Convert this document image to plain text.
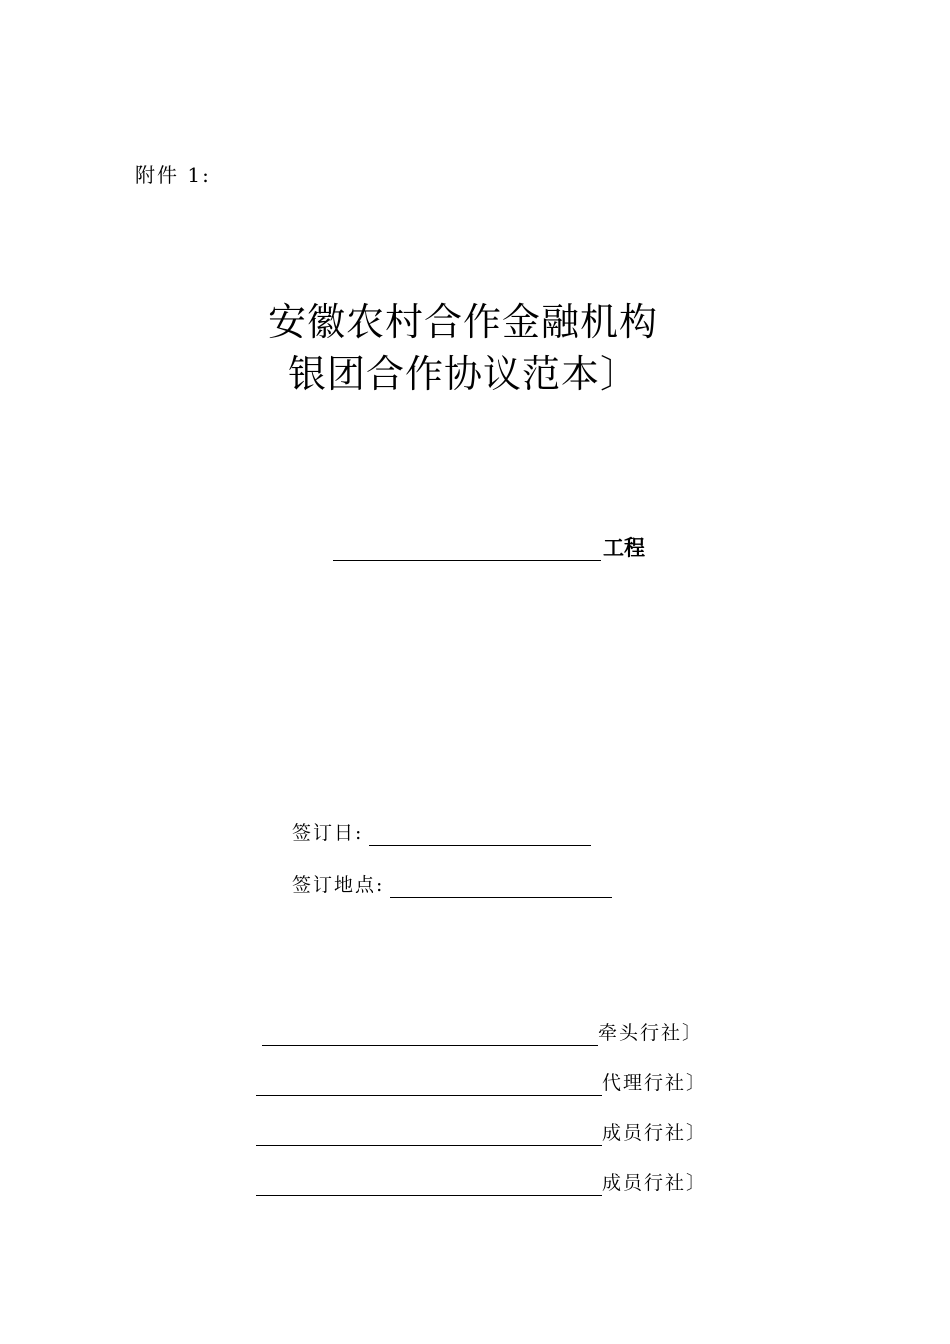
附件 1:
安徽农村合作金融机构
银团合作协议范本〕
工程
签订日:
签订地点:
牵头行社〕
代理行社〕
成员行社〕
成员行社〕
